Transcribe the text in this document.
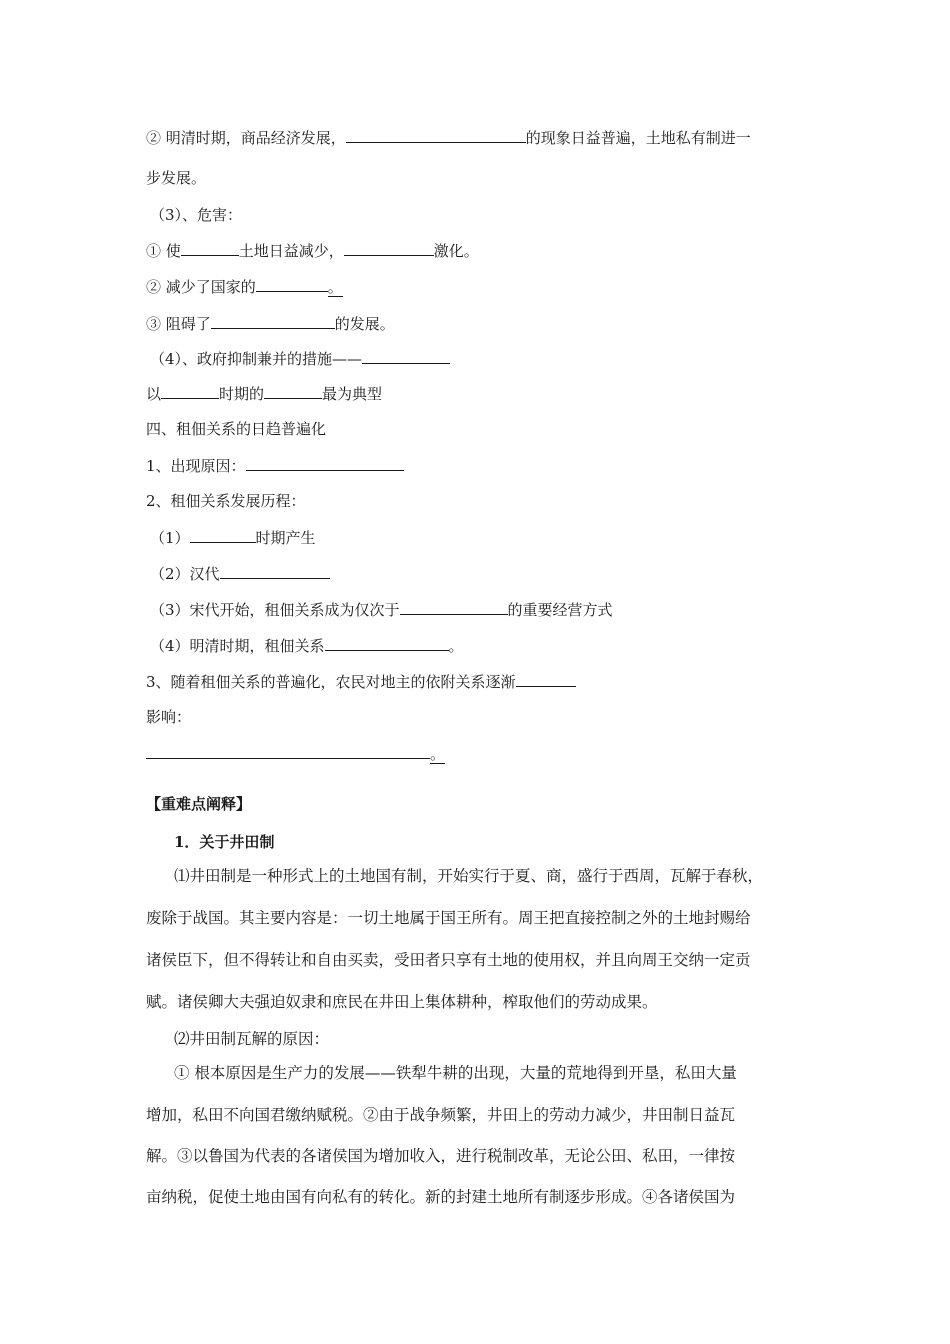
② 明清时期，商品经济发展，	的现象日益普遍，土地私有制进一
步发展。
（3）、危害：
① 使	土地日益减少，	激化。
② 减少了国家的	。
③ 阻碍了	的发展。
（4）、政府抑制兼并的措施——
以	时期的	最为典型
四、租佃关系的日趋普遍化
1、出现原因：
2、租佃关系发展历程：
（1）	时期产生
（2）汉代
（3）宋代开始，租佃关系成为仅次于	的重要经营方式
（4）明清时期，租佃关系	。
3、随着租佃关系的普遍化，农民对地主的依附关系逐渐
影响：
。
【重难点阐释】
1．关于井田制
⑴井田制是一种形式上的土地国有制，开始实行于夏、商，盛行于西周，瓦解于春秋，
废除于战国。其主要内容是：一切土地属于国王所有。周王把直接控制之外的土地封赐给
诸侯臣下，但不得转让和自由买卖，受田者只享有土地的使用权，并且向周王交纳一定贡
赋。诸侯卿大夫强迫奴隶和庶民在井田上集体耕种，榨取他们的劳动成果。
⑵井田制瓦解的原因：
① 根本原因是生产力的发展——铁犁牛耕的出现，大量的荒地得到开垦，私田大量
增加，私田不向国君缴纳赋税。②由于战争频繁，井田上的劳动力减少，井田制日益瓦
解。③以鲁国为代表的各诸侯国为增加收入，进行税制改革，无论公田、私田，一律按
亩纳税，促使土地由国有向私有的转化。新的封建土地所有制逐步形成。④各诸侯国为
